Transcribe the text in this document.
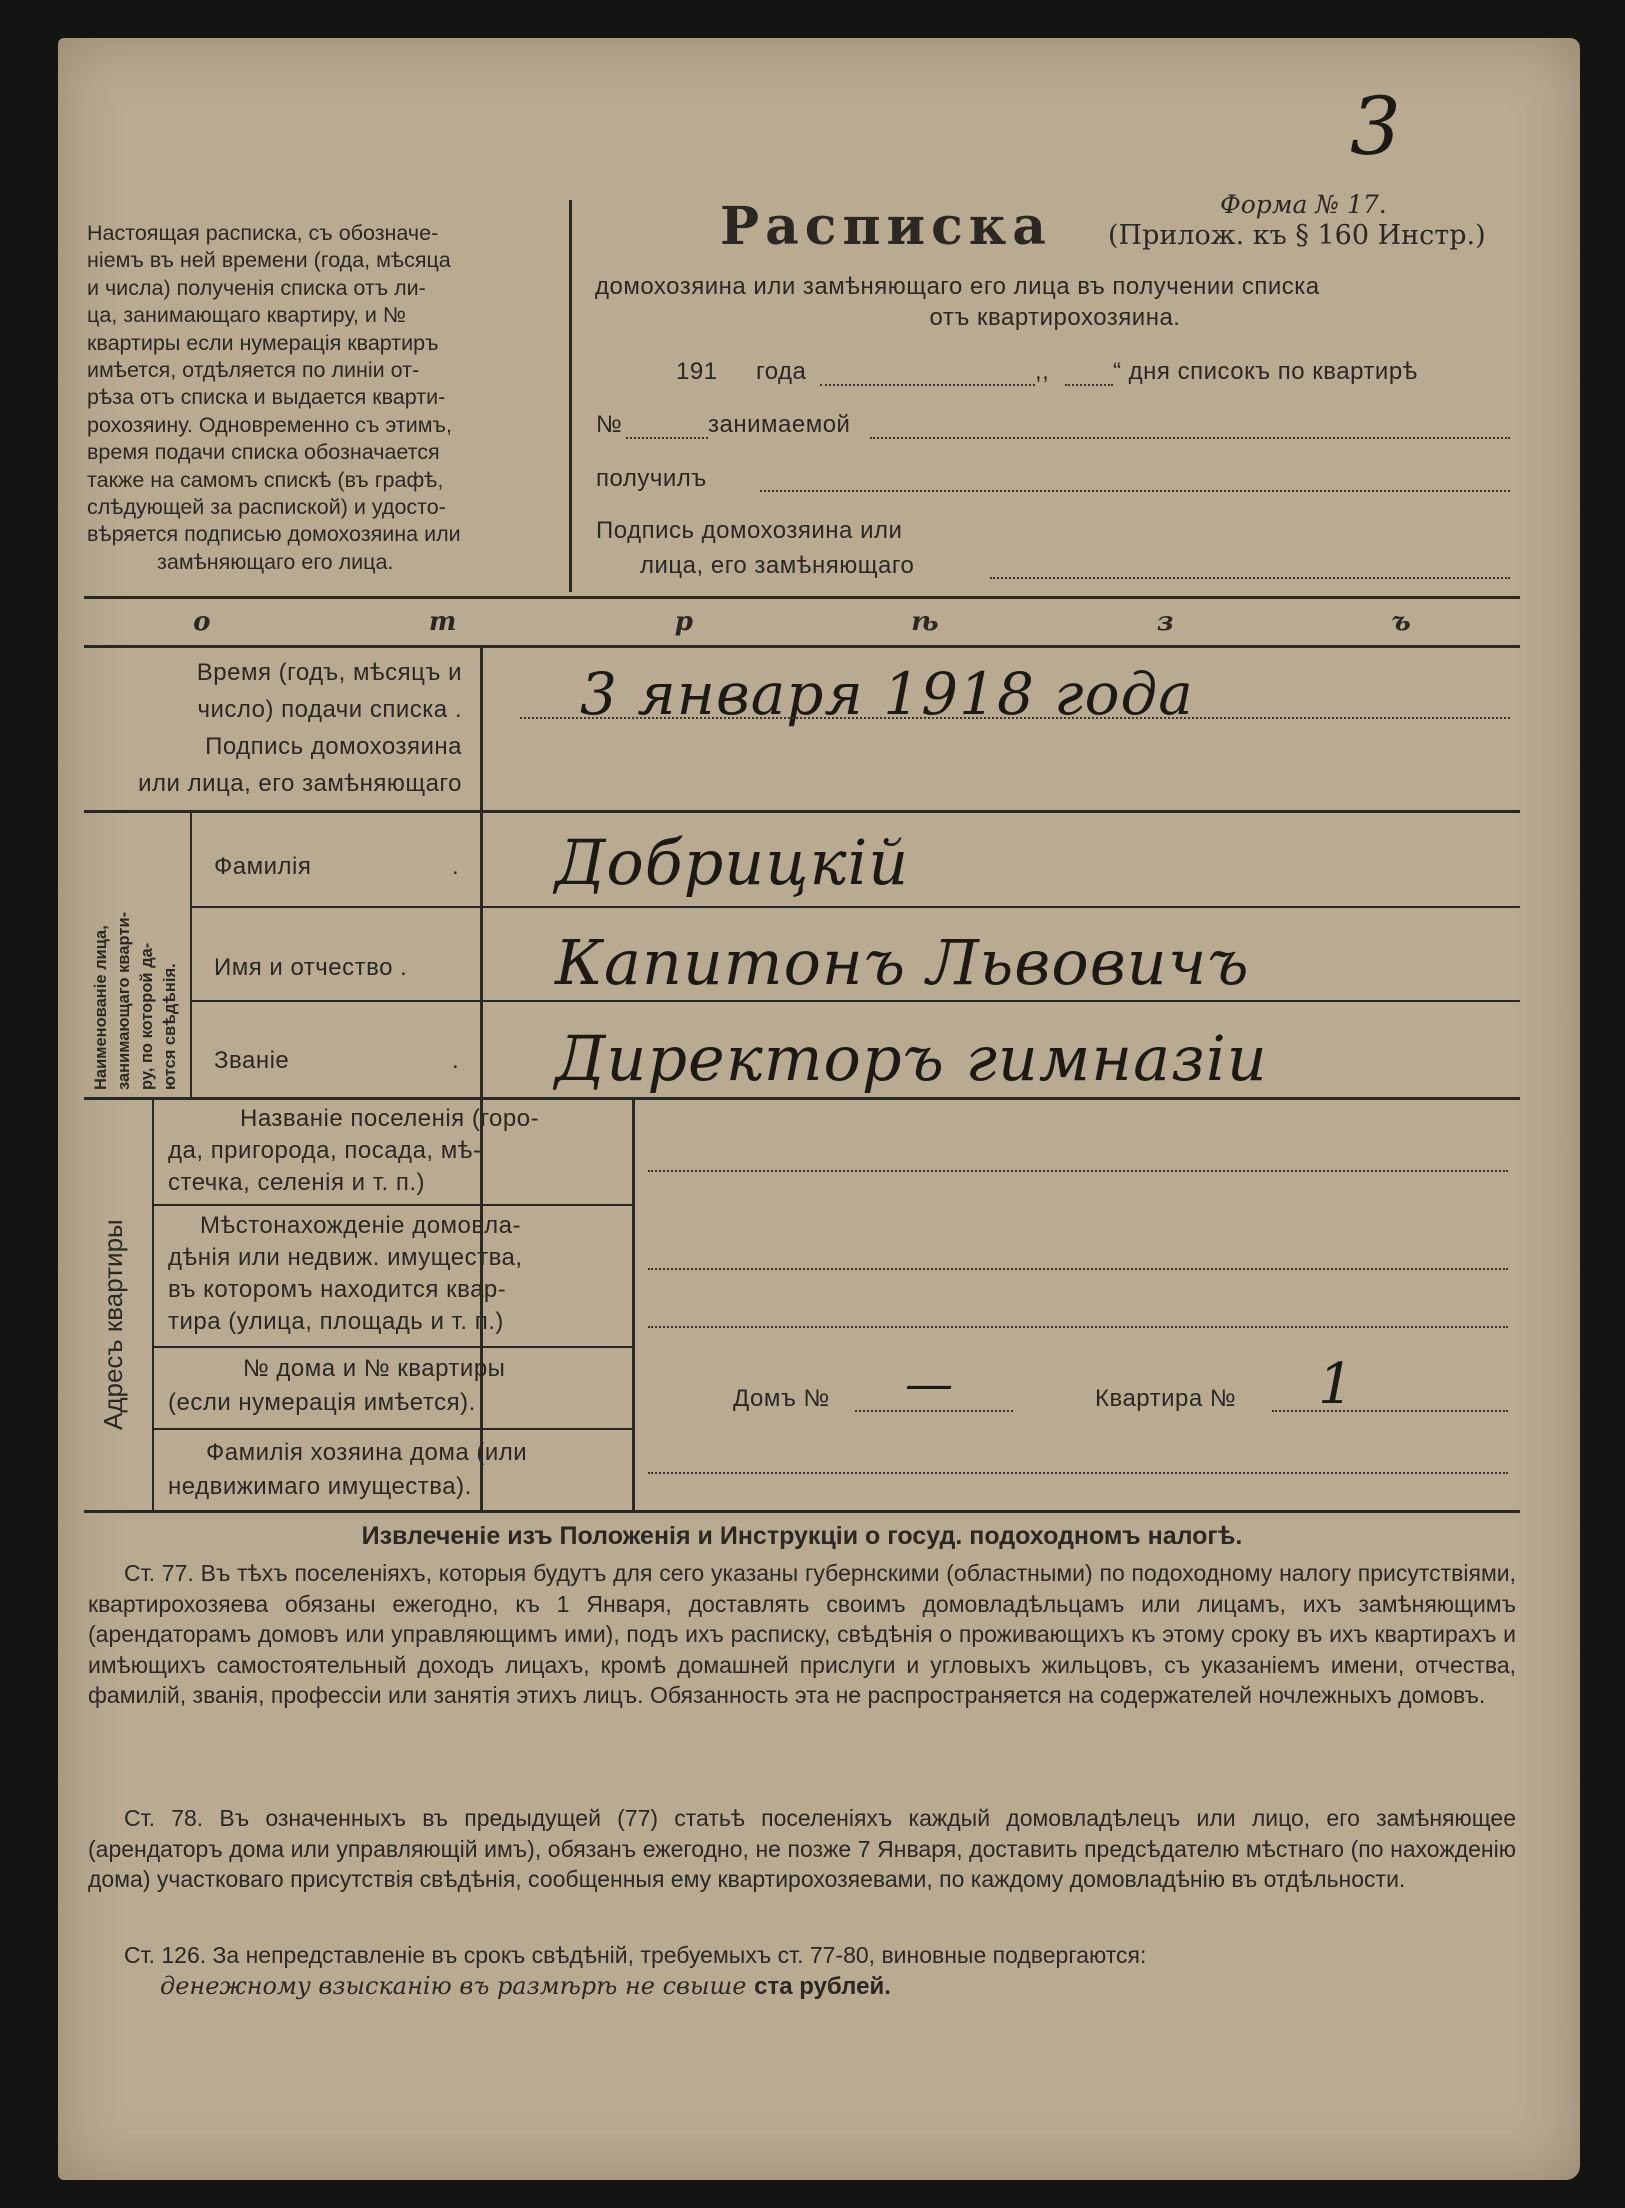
3
Настоящая расписка, съ обозначе-
ніемъ въ ней времени (года, мѣсяца
и числа) полученія списка отъ ли-
ца, занимающаго квартиру, и №
квартиры если нумерація квартиръ
имѣется, отдѣляется по линіи от-
рѣза отъ списка и выдается кварти-
рохозяину. Одновременно съ этимъ,
время подачи списка обозначается
также на самомъ спискѣ (въ графѣ,
слѣдующей за распиской) и удосто-
вѣряется подписью домохозяина или
замѣняющаго его лица.
Форма № 17.
Расписка (Прилож. къ § 160 Инстр.)
домохозяина или замѣняющаго его лица въ получении списка
отъ квартирохозяина.
191 года	,,	“ дня списокъ по квартирѣ
№	занимаемой
получилъ
Подпись домохозяина или
лица, его замѣняющаго
о	т	р	ѣ	з	ъ
Время (годъ, мѣсяцъ и
число) подачи списка .
Подпись домохозяина
или лица, его замѣняющаго
3 января 1918 года
Наименованіе лица, занимающаго кварти- ру, по которой да- ются свѣдѣнія.
Фамилія	. Добрицкій
Имя и отчество . Капитонъ Львовичъ
Званіе	. Директоръ гимназіи
Адресъ квартиры
Названіе поселенія (горо-
да, пригорода, посада, мѣ-
стечка, селенія и т. п.)
Мѣстонахожденіе домовла-
дѣнія или недвиж. имущества,
въ которомъ находится квар-
тира (улица, площадь и т. п.)
№ дома и № квартиры
(если нумерація имѣется).	Домъ № —	Квартира № 1
Фамилія хозяина дома (или
недвижимаго имущества).
Извлеченіе изъ Положенія и Инструкціи о госуд. подоходномъ налогѣ.
Ст. 77. Въ тѣхъ поселеніяхъ, которыя будутъ для сего указаны губернскими (областными) по подоходному налогу присутствіями, квартирохозяева обязаны ежегодно, къ 1 Января, доставлять своимъ домовладѣльцамъ или лицамъ, ихъ замѣняющимъ (арендаторамъ домовъ или управляющимъ ими), подъ ихъ расписку, свѣдѣнія о проживающихъ къ этому сроку въ ихъ квартирахъ и имѣющихъ самостоятельный доходъ лицахъ, кромѣ домашней прислуги и угловыхъ жильцовъ, съ указаніемъ имени, отчества, фамилій, званія, профессіи или занятія этихъ лицъ. Обязанность эта не распространяется на содержателей ночлежныхъ домовъ.
Ст. 78. Въ означенныхъ въ предыдущей (77) статьѣ поселеніяхъ каждый домовладѣлецъ или лицо, его замѣняющее (арендаторъ дома или управляющій имъ), обязанъ ежегодно, не позже 7 Января, доставить предсѣдателю мѣстнаго (по нахожденію дома) участковаго присутствія свѣдѣнія, сообщенныя ему квартирохозяевами, по каждому домовладѣнію въ отдѣльности.
Ст. 126. За непредставленіе въ срокъ свѣдѣній, требуемыхъ ст. 77-80, виновные подвергаются:
денежному взысканію въ размѣрѣ не свыше ста рублей.
